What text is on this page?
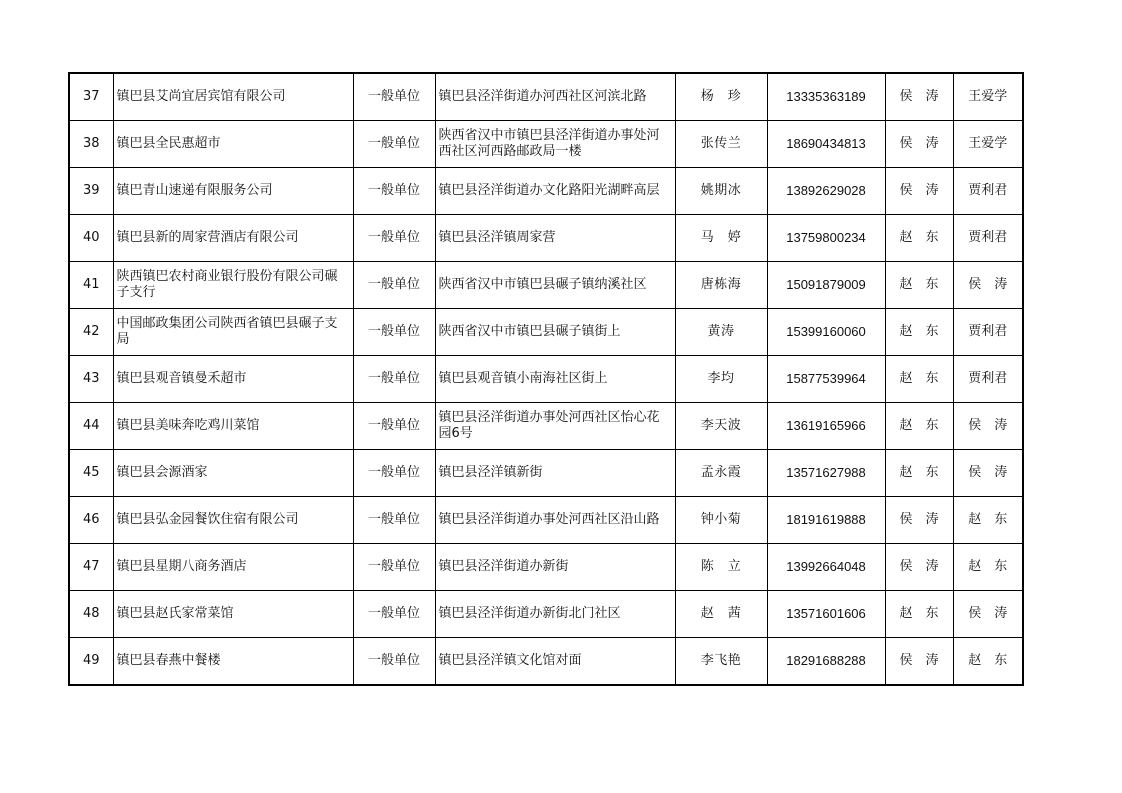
37	镇巴县艾尚宜居宾馆有限公司	一般单位	镇巴县泾洋街道办河西社区河滨北路	杨　珍	13335363189	侯　涛	王爱学
38	镇巴县全民惠超市	一般单位	陕西省汉中市镇巴县泾洋街道办事处河西社区河西路邮政局一楼	张传兰	18690434813	侯　涛	王爱学
39	镇巴青山速递有限服务公司	一般单位	镇巴县泾洋街道办文化路阳光湖畔高层	姚期冰	13892629028	侯　涛	贾利君
40	镇巴县新的周家营酒店有限公司	一般单位	镇巴县泾洋镇周家营	马　婷	13759800234	赵　东	贾利君
41	陕西镇巴农村商业银行股份有限公司碾子支行	一般单位	陕西省汉中市镇巴县碾子镇纳溪社区	唐栋海	15091879009	赵　东	侯　涛
42	中国邮政集团公司陕西省镇巴县碾子支局	一般单位	陕西省汉中市镇巴县碾子镇街上	黄涛	15399160060	赵　东	贾利君
43	镇巴县观音镇曼禾超市	一般单位	镇巴县观音镇小南海社区街上	李均	15877539964	赵　东	贾利君
44	镇巴县美味奔吃鸡川菜馆	一般单位	镇巴县泾洋街道办事处河西社区怡心花园6号	李天波	13619165966	赵　东	侯　涛
45	镇巴县会源酒家	一般单位	镇巴县泾洋镇新街	孟永霞	13571627988	赵　东	侯　涛
46	镇巴县弘金园餐饮住宿有限公司	一般单位	镇巴县泾洋街道办事处河西社区沿山路	钟小菊	18191619888	侯　涛	赵　东
47	镇巴县星期八商务酒店	一般单位	镇巴县泾洋街道办新街	陈　立	13992664048	侯　涛	赵　东
48	镇巴县赵氏家常菜馆	一般单位	镇巴县泾洋街道办新街北门社区	赵　茜	13571601606	赵　东	侯　涛
49	镇巴县春燕中餐楼	一般单位	镇巴县泾洋镇文化馆对面	李飞艳	18291688288	侯　涛	赵　东
